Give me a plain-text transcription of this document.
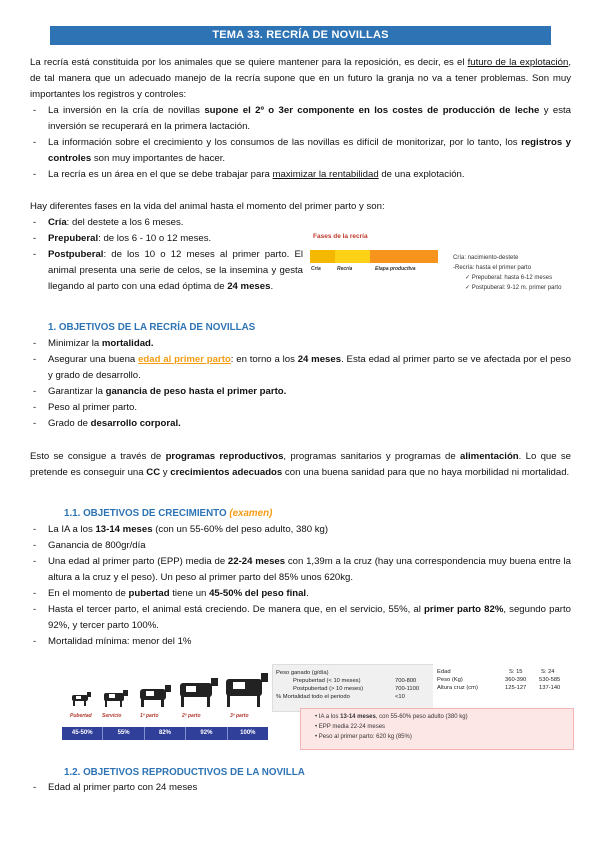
TEMA 33. RECRÍA DE NOVILLAS
La recría está constituida por los animales que se quiere mantener para la reposición, es decir, es el futuro de la explotación, de tal manera que un adecuado manejo de la recría supone que en un futuro la granja no va a tener problemas. Son muy importantes los registros y controles:
- La inversión en la cría de novillas supone el 2º o 3er componente en los costes de producción de leche y esta inversión se recuperará en la primera lactación.
- La información sobre el crecimiento y los consumos de las novillas es difícil de monitorizar, por lo tanto, los registros y controles son muy importantes de hacer.
- La recría es un área en el que se debe trabajar para maximizar la rentabilidad de una explotación.
Hay diferentes fases en la vida del animal hasta el momento del primer parto y son:
- Cría: del destete a los 6 meses.
- Prepuberal: de los 6 - 10 o 12 meses.
- Postpuberal: de los 10 o 12 meses al primer parto. El animal presenta una serie de celos, se la insemina y gesta llegando al parto con una edad óptima de 24 meses.
Fases de la recría
Cría	Recría	Etapa productiva
Cría: nacimiento-destete
-Recría: hasta el primer parto
✓ Prepuberal: hasta 6-12 meses
✓ Postpuberal: 9-12 m. primer parto
1. OBJETIVOS DE LA RECRÍA DE NOVILLAS
- Minimizar la mortalidad.
- Asegurar una buena edad al primer parto: en torno a los 24 meses. Esta edad al primer parto se ve afectada por el peso y grado de desarrollo.
- Garantizar la ganancia de peso hasta el primer parto.
- Peso al primer parto.
- Grado de desarrollo corporal.
Esto se consigue a través de programas reproductivos, programas sanitarios y programas de alimentación. Lo que se pretende es conseguir una CC y crecimientos adecuados con una buena sanidad para que no haya morbilidad ni mortalidad.
1.1. OBJETIVOS DE CRECIMIENTO (examen)
- La IA a los 13-14 meses (con un 55-60% del peso adulto, 380 kg)
- Ganancia de 800gr/día
- Una edad al primer parto (EPP) media de 22-24 meses con 1,39m a la cruz (hay una correspondencia muy buena entre la altura a la cruz y el peso). Un peso al primer parto del 85% unos 620kg.
- En el momento de pubertad tiene un 45-50% del peso final.
- Hasta el tercer parto, el animal está creciendo. De manera que, en el servicio, 55%, al primer parto 82%, segundo parto 92%, y tercer parto 100%.
- Mortalidad mínima: menor del 1%
Pubertad Servicio	1º parto	2º parto	3º parto
45-50%	55%	82%	92%	100%
Peso ganado (g/día)
Prepubertad (< 10 meses)	700-800
Postpubertad (> 10 meses)	700-1100
% Mortalidad todo el periodo	<10
Edad	S: 15	S: 24
Peso (Kg)	360-390 530-585
Altura cruz (cm)	125-127 137-140
• IA a los 13-14 meses, con 55-60% peso adulto (380 kg)
• EPP media 22-24 meses
• Peso al primer parto: 620 kg (85%)
1.2. OBJETIVOS REPRODUCTIVOS DE LA NOVILLA
- Edad al primer parto con 24 meses
